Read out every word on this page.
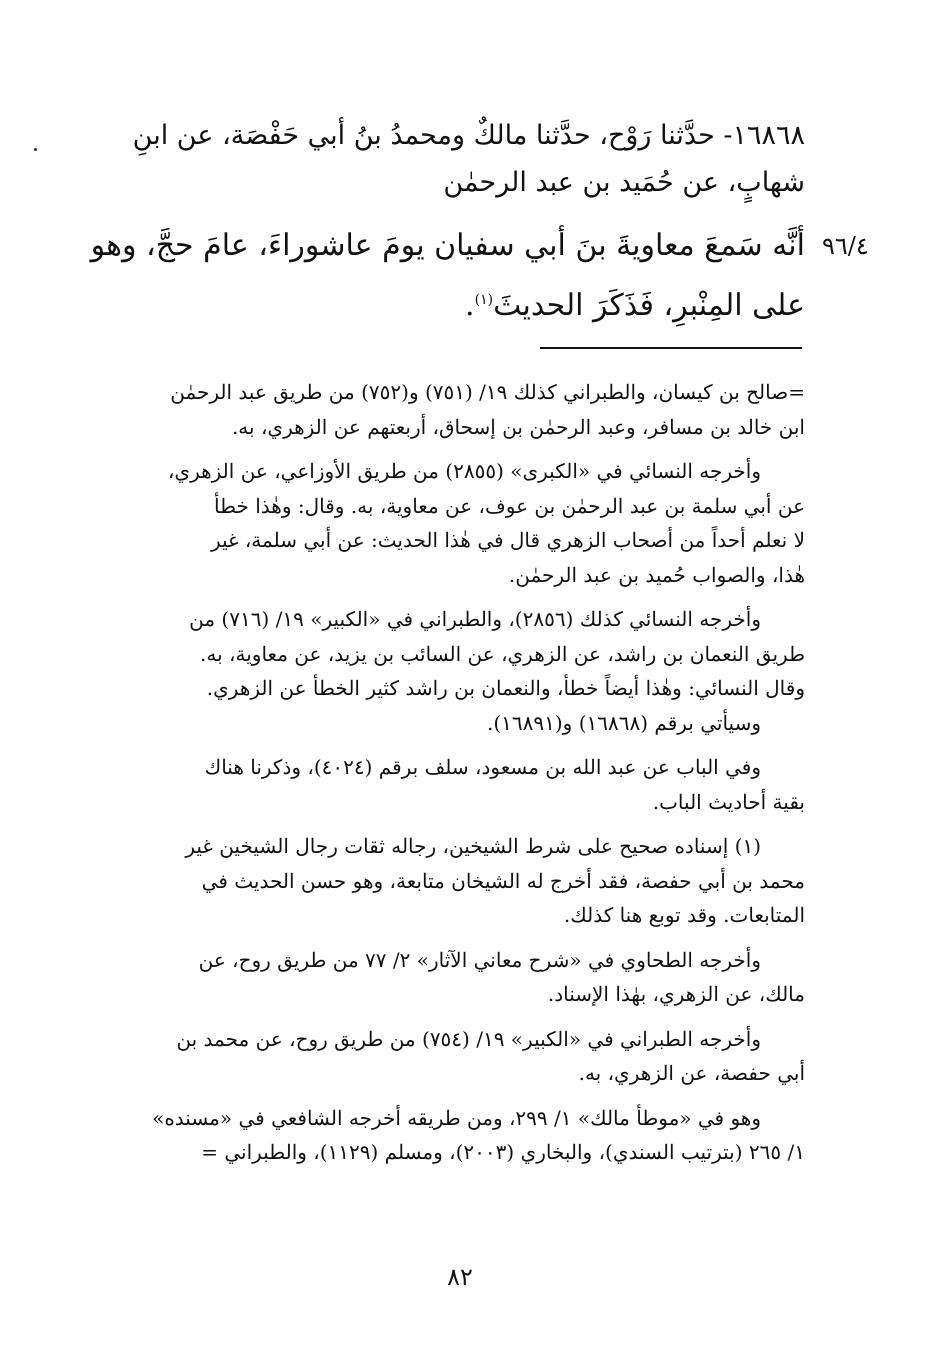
١٦٨٦٨- حدَّثنا رَوْح، حدَّثنا مالكٌ ومحمدُ بنُ أبي حَفْصَة، عن ابنِ
شهابٍ، عن حُمَيد بن عبد الرحمٰن
٩٦/٤
أنَّه سَمعَ معاويةَ بنَ أبي سفيان يومَ عاشوراءَ، عامَ حجَّ، وهو
على المِنْبرِ، فَذَكَرَ الحديثَ$^{(١)}$.
=صالح بن كيسان، والطبراني كذلك ١٩/ (٧٥١) و(٧٥٢) من طريق عبد الرحمٰن
ابن خالد بن مسافر، وعبد الرحمٰن بن إسحاق، أربعتهم عن الزهري، به.
وأخرجه النسائي في «الكبرى» (٢٨٥٥) من طريق الأوزاعي، عن الزهري،
عن أبي سلمة بن عبد الرحمٰن بن عوف، عن معاوية، به. وقال: وهٰذا خطأ
لا نعلم أحداً من أصحاب الزهري قال في هٰذا الحديث: عن أبي سلمة، غير
هٰذا، والصواب حُميد بن عبد الرحمٰن.
وأخرجه النسائي كذلك (٢٨٥٦)، والطبراني في «الكبير» ١٩/ (٧١٦) من
طريق النعمان بن راشد، عن الزهري، عن السائب بن يزيد، عن معاوية، به.
وقال النسائي: وهٰذا أيضاً خطأ، والنعمان بن راشد كثير الخطأ عن الزهري.
وسيأتي برقم (١٦٨٦٨) و(١٦٨٩١).
وفي الباب عن عبد الله بن مسعود، سلف برقم (٤٠٢٤)، وذكرنا هناك
بقية أحاديث الباب.
(١) إسناده صحيح على شرط الشيخين، رجاله ثقات رجال الشيخين غير
محمد بن أبي حفصة، فقد أخرج له الشيخان متابعة، وهو حسن الحديث في
المتابعات. وقد توبع هنا كذلك.
وأخرجه الطحاوي في «شرح معاني الآثار» ٢/ ٧٧ من طريق روح، عن
مالك، عن الزهري، بهٰذا الإسناد.
وأخرجه الطبراني في «الكبير» ١٩/ (٧٥٤) من طريق روح، عن محمد بن
أبي حفصة، عن الزهري، به.
وهو في «موطأ مالك» ١/ ٢٩٩، ومن طريقه أخرجه الشافعي في «مسنده»
١/ ٢٦٥ (بترتيب السندي)، والبخاري (٢٠٠٣)، ومسلم (١١٢٩)، والطبراني =
٨٢
